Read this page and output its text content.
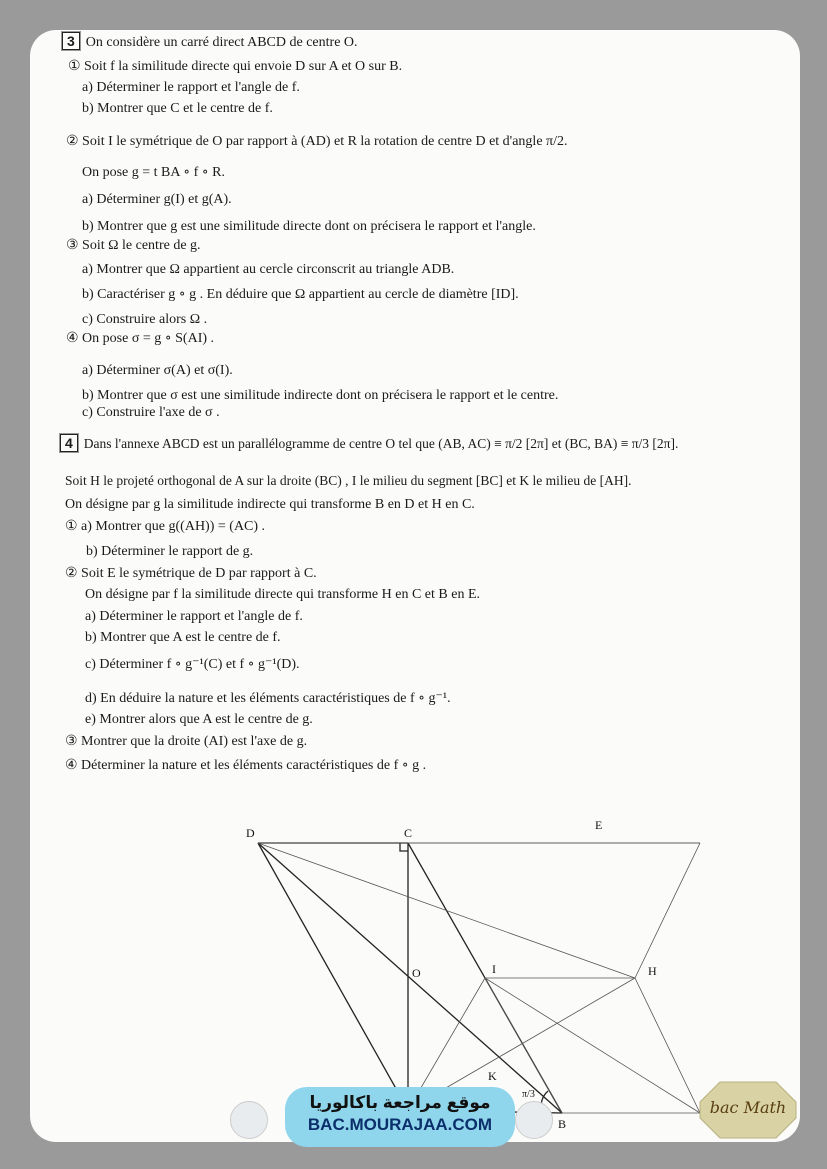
3 On considère un carré direct ABCD de centre O.
① Soit f la similitude directe qui envoie D sur A et O sur B.
a) Déterminer le rapport et l'angle de f.
b) Montrer que C et le centre de f.
② Soit I le symétrique de O par rapport à (AD) et R la rotation de centre D et d'angle π/2.
On pose g = t BA ∘ f ∘ R.
a) Déterminer g(I) et g(A).
b) Montrer que g est une similitude directe dont on précisera le rapport et l'angle.
③ Soit Ω le centre de g.
a) Montrer que Ω appartient au cercle circonscrit au triangle ADB.
b) Caractériser g ∘ g . En déduire que Ω appartient au cercle de diamètre [ID].
c) Construire alors Ω .
④ On pose σ = g ∘ S(AI) .
a) Déterminer σ(A) et σ(I).
b) Montrer que σ est une similitude indirecte dont on précisera le rapport et le centre.
c) Construire l'axe de σ .
4 Dans l'annexe ABCD est un parallélogramme de centre O tel que (AB, AC) ≡ π/2 [2π] et (BC, BA) ≡ π/3 [2π].
Soit H le projeté orthogonal de A sur la droite (BC) , I le milieu du segment [BC] et K le milieu de [AH].
On désigne par g la similitude indirecte qui transforme B en D et H en C.
① a) Montrer que g((AH)) = (AC) .
b) Déterminer le rapport de g.
② Soit E le symétrique de D par rapport à C.
On désigne par f la similitude directe qui transforme H en C et B en E.
a) Déterminer le rapport et l'angle de f.
b) Montrer que A est le centre de f.
c) Déterminer f ∘ g⁻¹(C) et f ∘ g⁻¹(D).
d) En déduire la nature et les éléments caractéristiques de f ∘ g⁻¹.
e) Montrer alors que A est le centre de g.
③ Montrer que la droite (AI) est l'axe de g.
④ Déterminer la nature et les éléments caractéristiques de f ∘ g .
D	C
E
O	I	H
K
B
π/3
موقع مراجعة باكالوريا
BAC.MOURAJAA.COM
bac Math
